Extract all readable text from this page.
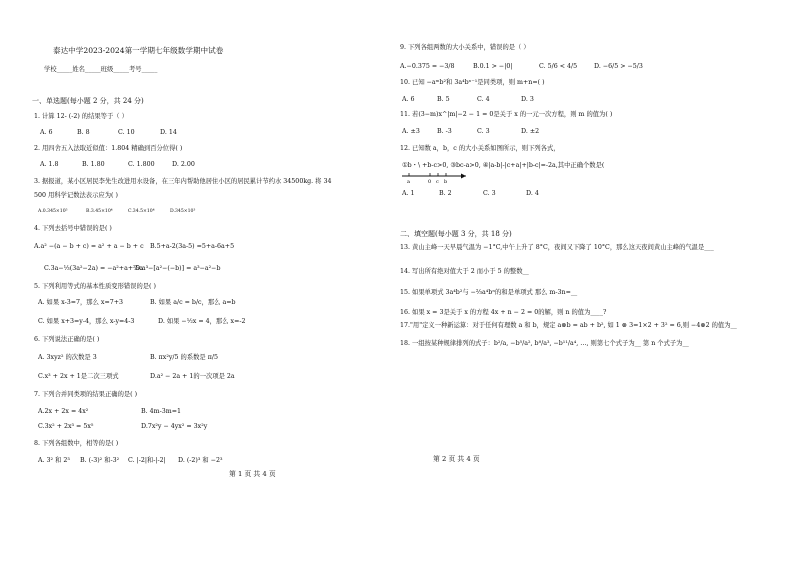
泰达中学2023-2024第一学期七年级数学期中试卷
学校_____姓名_____班级_____考号_____
一、单选题(每小题 2 分，共 24 分)
1. 计算 12- (-2) 的结果等于（ ）
A. 6	B. 8	C. 10	D. 14
2. 用四舍五入法取近似值：1.804 精确到百分位得( )
A. 1.8	B. 1.80	C. 1.800	D. 2.00
3. 据报道，某小区居民李先生改进用水设备，在三年内帮助他居住小区的居民累计节约水 34500kg. 将 34
500 用科学记数法表示应为( )
A.0.345×10⁵	B.3.45×10⁴	C.34.5×10⁴	D.345×10³
4. 下列去括号中错误的是( )
A.a² −(a − b + c) = a² + a − b + c B.5+a-2(3a-5) =5+a-6a+5
C.3a−⅓(3a²−2a) = −a²+a+⅔a
D.a³−[a²−(−b)] = a³−a²−b
5. 下列利用等式的基本性质变形错误的是( )
A. 如果 x-3=7，那么 x=7+3	B. 如果 a/c = b/c，那么 a=b
C. 如果 x+3=y-4，那么 x-y=4-3	D. 如果 −½x = 4，那么 x=-2
6. 下列说法正确的是( )
A. 3xyz² 的次数是 3	B. πx²y/5 的系数是 π/5
C.x³ + 2x + 1是二次三项式	D.a² − 2a + 1的一次项是 2a
7. 下列合并同类项的结果正确的是( )
A.2x + 2x = 4x²	B. 4m-3m=1
C.3x² + 2x³ = 5x⁵	D.7x²y − 4yx² = 3x²y
8. 下列各组数中，相等的是( )
A. 3² 和 2³ B. (-3)² 和-3² C. |-2|和-|-2| D. (-2)³ 和 −2³
第 1 页 共 4 页
9. 下列各组两数的大小关系中，错误的是（ ）
A.−0.375 = −3/8	B.0.1 > −|0|	C. 5/6 < 4/5	D. −6/5 > −5/3
10. 已知 −aᵐb²和 3a⁴bⁿ⁻¹是同类项，则 m+n=( )
A. 6	B. 5	C. 4	D. 3
11. 若(3−m)x^|m|−2 − 1 = 0是关于 x 的一元一次方程，则 m 的值为( )
A. ±3	B. -3	C. 3	D. ±2
12. 已知数 a，b，c 的大小关系如图所示，则下列各式，
①b・\ +b-c>0, ③bc-a>0, ④|a-b|-|c+a|+|b-c|=-2a,其中正确个数是(
a	0 c b
A. 1	B. 2	C. 3	D. 4
二、填空题(每小题 3 分，共 18 分)
13. 黄山主峰一天早晨气温为 −1°C,中午上升了 8°C，夜间又下降了 10°C，那么这天夜间黄山主峰的气温是___
14. 写出所有绝对值大于 2 而小于 5 的整数__
15. 如果单项式 3a⁴b²与 −⅔a⁴bⁿ的和是单项式 那么 m-3n=__
16. 如果 x = 3是关于 x 的方程 4x + n − 2 = 0的解，则 n 的值为____?
17."用"定义一种新运算：对于任何有理数 a 和 b，规定 a⊗b = ab + b², 如 1 ⊗ 3=1×2 + 3² = 6,则 −4⊗2 的值为__
18. 一组按某种规律排列的式子：b²/a, −b⁵/a², b⁸/a³, −b¹¹/a⁴, …, 则第七个式子为__ 第 n 个式子为__
第 2 页 共 4 页
